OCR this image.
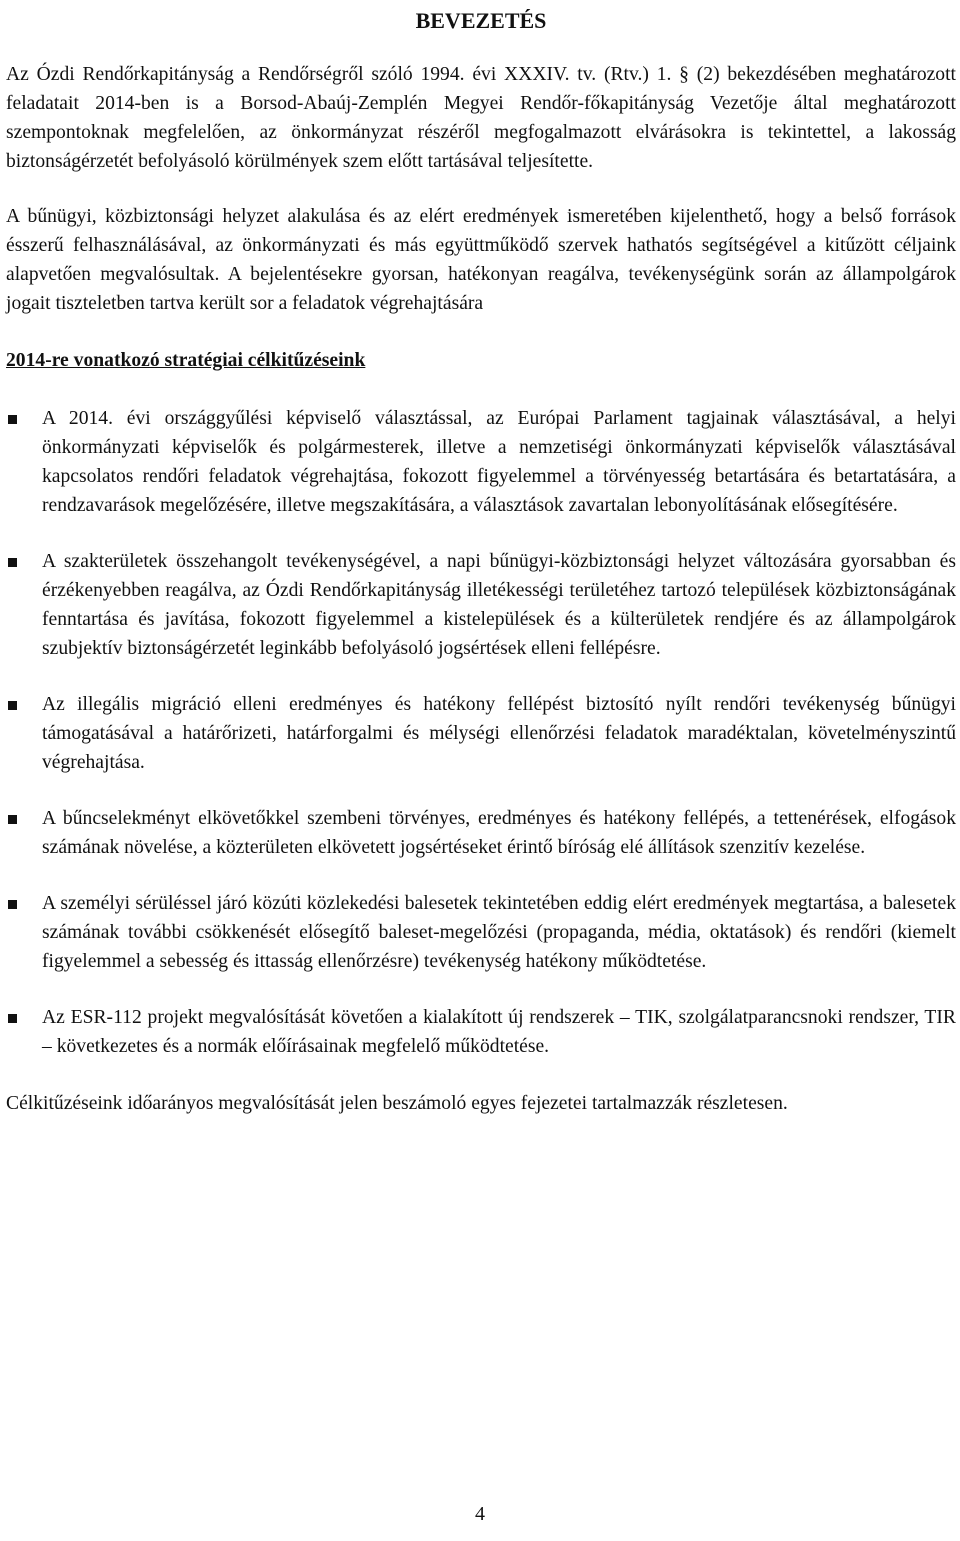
BEVEZETÉS

Az Ózdi Rendőrkapitányság a Rendőrségről szóló 1994. évi XXXIV. tv. (Rtv.) 1. § (2) bekezdésében meghatározott feladatait 2014-ben is a Borsod-Abaúj-Zemplén Megyei Rendőr-főkapitányság Vezetője által meghatározott szempontoknak megfelelően, az önkormányzat részéről megfogalmazott elvárásokra is tekintettel, a lakosság biztonságérzetét befolyásoló körülmények szem előtt tartásával teljesítette.

A bűnügyi, közbiztonsági helyzet alakulása és az elért eredmények ismeretében kijelenthető, hogy a belső források ésszerű felhasználásával, az önkormányzati és más együttműködő szervek hathatós segítségével a kitűzött céljaink alapvetően megvalósultak. A bejelentésekre gyorsan, hatékonyan reagálva, tevékenységünk során az állampolgárok jogait tiszteletben tartva került sor a feladatok végrehajtására

2014-re vonatkozó stratégiai célkitűzéseink
A 2014. évi országgyűlési képviselő választással, az Európai Parlament tagjainak választásával, a helyi önkormányzati képviselők és polgármesterek, illetve a nemzetiségi önkormányzati képviselők választásával kapcsolatos rendőri feladatok végrehajtása, fokozott figyelemmel a törvényesség betartására és betartatására, a rendzavarások megelőzésére, illetve megszakítására, a választások zavartalan lebonyolításának elősegítésére.
A szakterületek összehangolt tevékenységével, a napi bűnügyi-közbiztonsági helyzet változására gyorsabban és érzékenyebben reagálva, az Ózdi Rendőrkapitányság illetékességi területéhez tartozó települések közbiztonságának fenntartása és javítása, fokozott figyelemmel a kistelepülések és a külterületek rendjére és az állampolgárok szubjektív biztonságérzetét leginkább befolyásoló jogsértések elleni fellépésre.
Az illegális migráció elleni eredményes és hatékony fellépést biztosító nyílt rendőri tevékenység bűnügyi támogatásával a határőrizeti, határforgalmi és mélységi ellenőrzési feladatok maradéktalan, követelményszintű végrehajtása.
A bűncselekményt elkövetőkkel szembeni törvényes, eredményes és hatékony fellépés, a tettenérések, elfogások számának növelése, a közterületen elkövetett jogsértéseket érintő bíróság elé állítások szenzitív kezelése.
A személyi sérüléssel járó közúti közlekedési balesetek tekintetében eddig elért eredmények megtartása, a balesetek számának további csökkenését elősegítő baleset-megelőzési (propaganda, média, oktatások) és rendőri (kiemelt figyelemmel a sebesség és ittasság ellenőrzésre) tevékenység hatékony működtetése.
Az ESR-112 projekt megvalósítását követően a kialakított új rendszerek – TIK, szolgálatparancsnoki rendszer, TIR – következetes és a normák előírásainak megfelelő működtetése.

Célkitűzéseink időarányos megvalósítását jelen beszámoló egyes fejezetei tartalmazzák részletesen.

4
